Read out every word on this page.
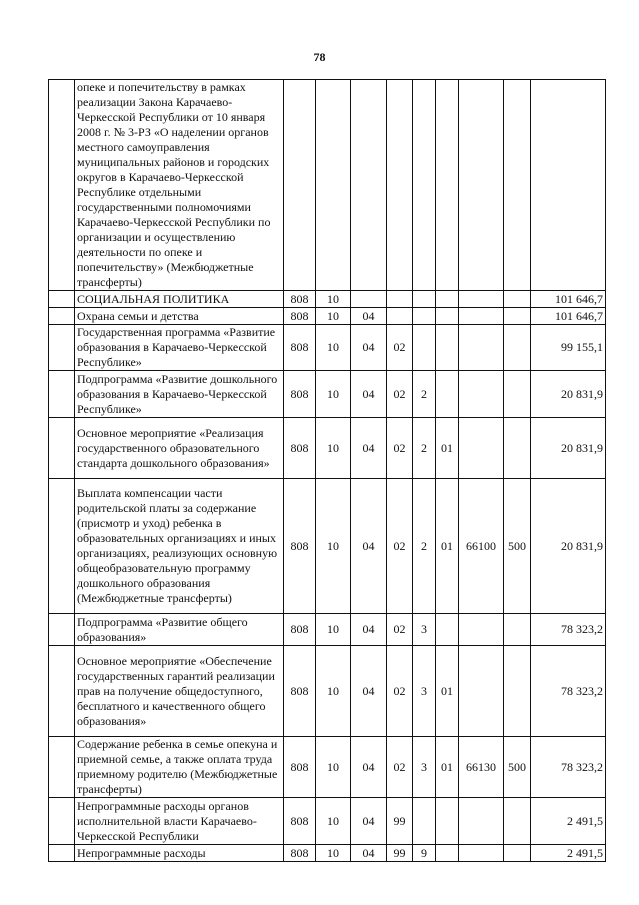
78
	опеке и попечительству в рамках реализации Закона Карачаево-Черкесской Республики от 10 января 2008 г. № 3-РЗ «О наделении органов местного самоуправления муниципальных районов и городских округов в Карачаево-Черкесской Республике отдельными государственными полномочиями Карачаево-Черкесской Республики по организации и осуществлению деятельности по опеке и попечительству» (Межбюджетные трансферты)									
	СОЦИАЛЬНАЯ ПОЛИТИКА	808	10							101 646,7
	Охрана семьи и детства	808	10	04						101 646,7
	Государственная программа «Развитие образования в Карачаево-Черкесской Республике»	808	10	04	02					99 155,1
	Подпрограмма «Развитие дошкольного образования в Карачаево-Черкесской Республике»	808	10	04	02	2				20 831,9
	Основное мероприятие «Реализация государственного образовательного стандарта дошкольного образования»	808	10	04	02	2	01			20 831,9
	Выплата компенсации части родительской платы за содержание (присмотр и уход) ребенка в образовательных организациях и иных организациях, реализующих основную общеобразовательную программу дошкольного образования (Межбюджетные трансферты)	808	10	04	02	2	01	66100	500	20 831,9
	Подпрограмма «Развитие общего образования»	808	10	04	02	3				78 323,2
	Основное мероприятие «Обеспечение государственных гарантий реализации прав на получение общедоступного, бесплатного и качественного общего образования»	808	10	04	02	3	01			78 323,2
	Содержание ребенка в семье опекуна и приемной семье, а также оплата труда приемному родителю (Межбюджетные трансферты)	808	10	04	02	3	01	66130	500	78 323,2
	Непрограммные расходы органов исполнительной власти Карачаево-Черкесской Республики	808	10	04	99					2 491,5
	Непрограммные расходы	808	10	04	99	9				2 491,5
